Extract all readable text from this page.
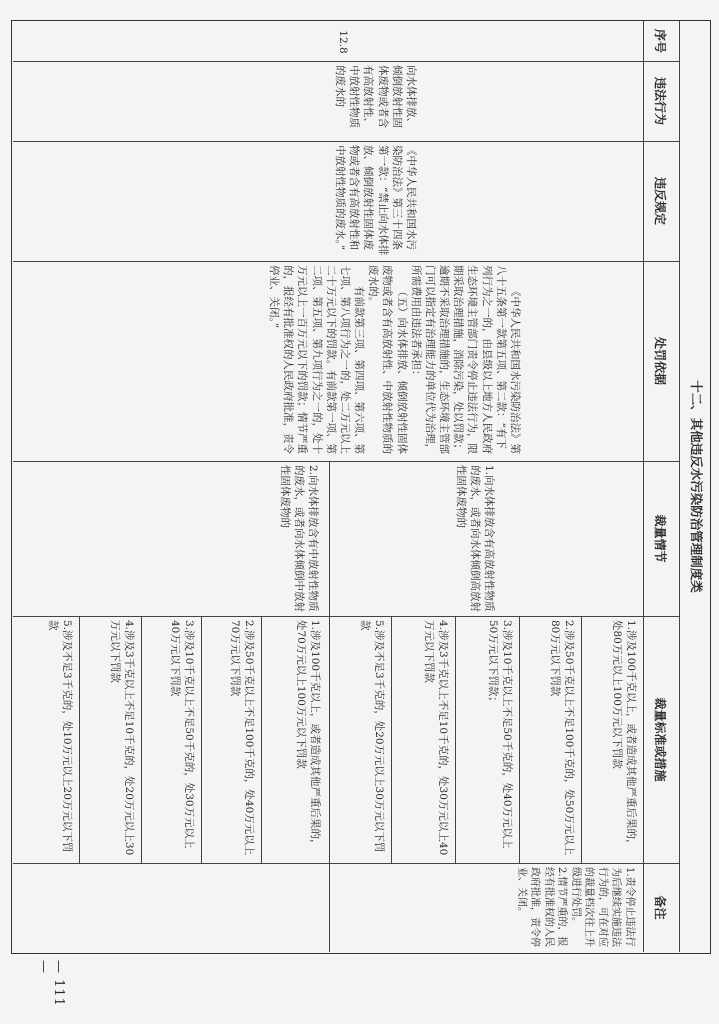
十二、其他违反水污染防治管理制度类
序号
违法行为
违反规定
处罚依据
裁量情节
裁量标准或措施
备注
12.8
向水体排放、倾倒放射性固体废物或者含有高放射性、中放射性物质的废水的
《中华人民共和国水污染防治法》第三十四条第一款：“禁止向水体排放、倾倒放射性固体废物或者含有高放射性和中放射性物质的废水。”
《中华人民共和国水污染防治法》第八十五条第一款第五项、第二款：“有下列行为之一的，由县级以上地方人民政府生态环境主管部门责令停止违法行为，限期采取治理措施，消除污染，处以罚款；逾期不采取治理措施的，生态环境主管部门可以指定有治理能力的单位代为治理，所需费用由违法者承担：
（五）向水体排放、倾倒放射性固体废物或者含有高放射性、中放射性物质的废水的。
有前款第三项、第四项、第六项、第七项、第八项行为之一的，处二万元以上二十万元以下的罚款。有前款第一项、第二项、第五项、第九项行为之一的，处十万元以上一百万元以下的罚款；情节严重的，报经有批准权的人民政府批准，责令停业、关闭。”
1.向水体排放含有高放射性物质的废水，或者向水体倾倒高放射性固体废物的
2.向水体排放含有中放射性物质的废水，或者向水体倾倒中放射性固体废物的
1.涉及100千克以上，或者造成其他严重后果的，处80万元以上100万元以下罚款
2.涉及50千克以上不足100千克的，处50万元以上80万元以下罚款
3.涉及10千克以上不足50千克的，处40万元以上50万元以下罚款；
4.涉及3千克以上不足10千克的，处30万元以上40万元以下罚款
5.涉及不足3千克的，处20万元以上30万元以下罚款
1.涉及100千克以上，或者造成其他严重后果的，处70万元以上100万元以下罚款
2.涉及50千克以上不足100千克的，处40万元以上70万元以下罚款
3.涉及10千克以上不足50千克的，处30万元以上40万元以下罚款
4.涉及3千克以上不足10千克的，处20万元以上30万元以下罚款
5.涉及不足3千克的，处10万元以上20万元以下罚款
1.责令停止违法行为后继续实施违法行为的，可在对应的裁量档次往上升级进行处罚。
2.情节严重的，报经有批准权的人民政府批准，责令停业、关闭。
— 111 —
